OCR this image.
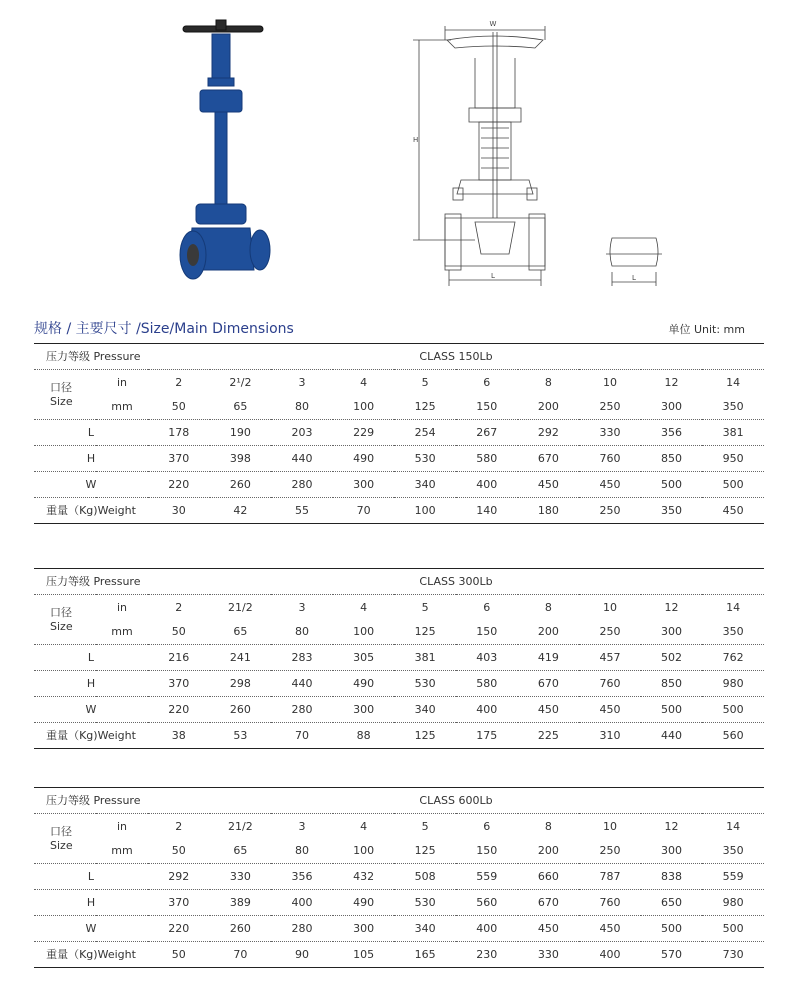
W
H
L	L
规格 / 主要尺寸 /Size/Main Dimensions	单位 Unit: mm
压力等级 Pressure		CLASS 150Lb									
口径
Size	in	2	2¹/2	3	4	5	6	8	10	12	14
	mm	50	65	80	100	125	150	200	250	300	350
L		178	190	203	229	254	267	292	330	356	381
H		370	398	440	490	530	580	670	760	850	950
W		220	260	280	300	340	400	450	450	500	500
重量（Kg)Weight		30	42	55	70	100	140	180	250	350	450
压力等级 Pressure		CLASS 300Lb									
口径
Size	in	2	21/2	3	4	5	6	8	10	12	14
	mm	50	65	80	100	125	150	200	250	300	350
L		216	241	283	305	381	403	419	457	502	762
H		370	298	440	490	530	580	670	760	850	980
W		220	260	280	300	340	400	450	450	500	500
重量（Kg)Weight		38	53	70	88	125	175	225	310	440	560
压力等级 Pressure		CLASS 600Lb									
口径
Size	in	2	21/2	3	4	5	6	8	10	12	14
	mm	50	65	80	100	125	150	200	250	300	350
L		292	330	356	432	508	559	660	787	838	559
H		370	389	400	490	530	560	670	760	650	980
W		220	260	280	300	340	400	450	450	500	500
重量（Kg)Weight		50	70	90	105	165	230	330	400	570	730
